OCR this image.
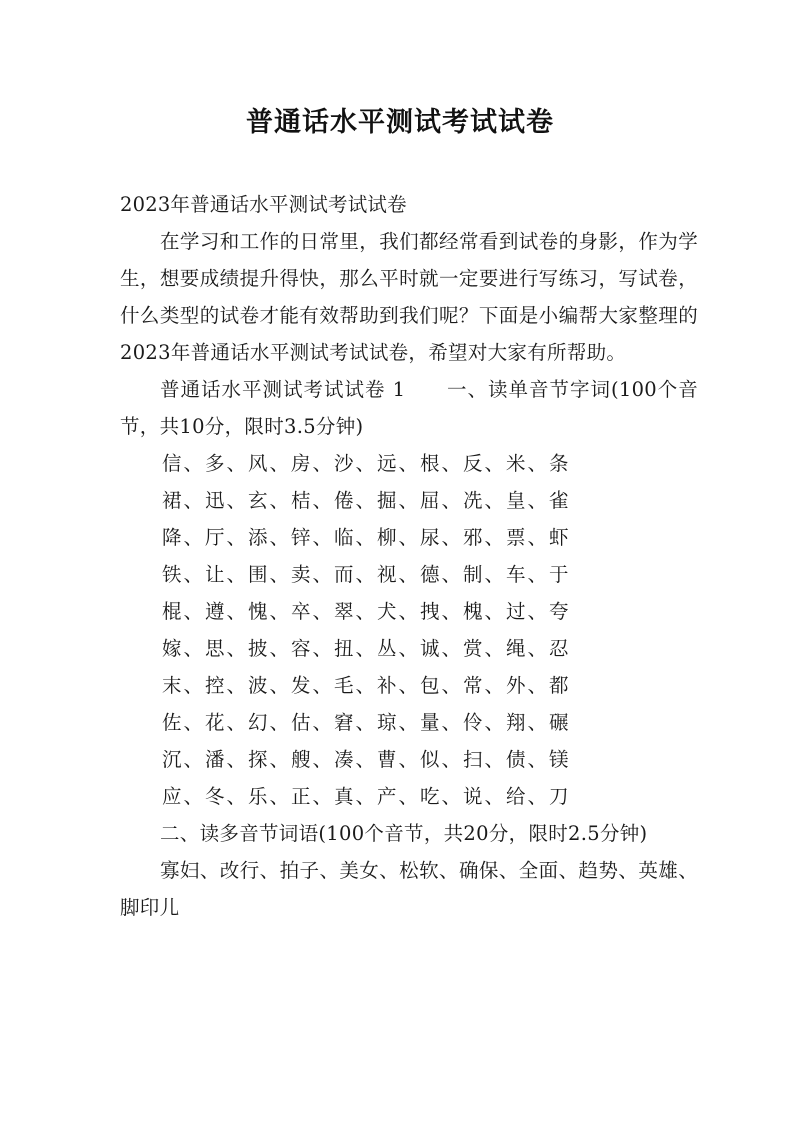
普通话水平测试考试试卷

2023年普通话水平测试考试试卷

在学习和工作的日常里，我们都经常看到试卷的身影，作为学生，想要成绩提升得快，那么平时就一定要进行写练习，写试卷，什么类型的试卷才能有效帮助到我们呢？下面是小编帮大家整理的2023年普通话水平测试考试试卷，希望对大家有所帮助。

普通话水平测试考试试卷 1　　一、读单音节字词(100个音节，共10分，限时3.5分钟)

信、多、风、房、沙、远、根、反、米、条

裙、迅、玄、桔、倦、掘、屈、冼、皇、雀

降、厅、添、锌、临、柳、尿、邪、票、虾

铁、让、围、卖、而、视、德、制、车、于

棍、遵、愧、卒、翠、犬、拽、槐、过、夸

嫁、思、披、容、扭、丛、诚、赏、绳、忍

末、控、波、发、毛、补、包、常、外、都

佐、花、幻、估、窘、琼、量、伶、翔、碾

沉、潘、探、艘、凑、曹、似、扫、债、镁

应、冬、乐、正、真、产、吃、说、给、刀

二、读多音节词语(100个音节，共20分，限时2.5分钟)

寡妇、改行、拍子、美女、松软、确保、全面、趋势、英雄、脚印儿
